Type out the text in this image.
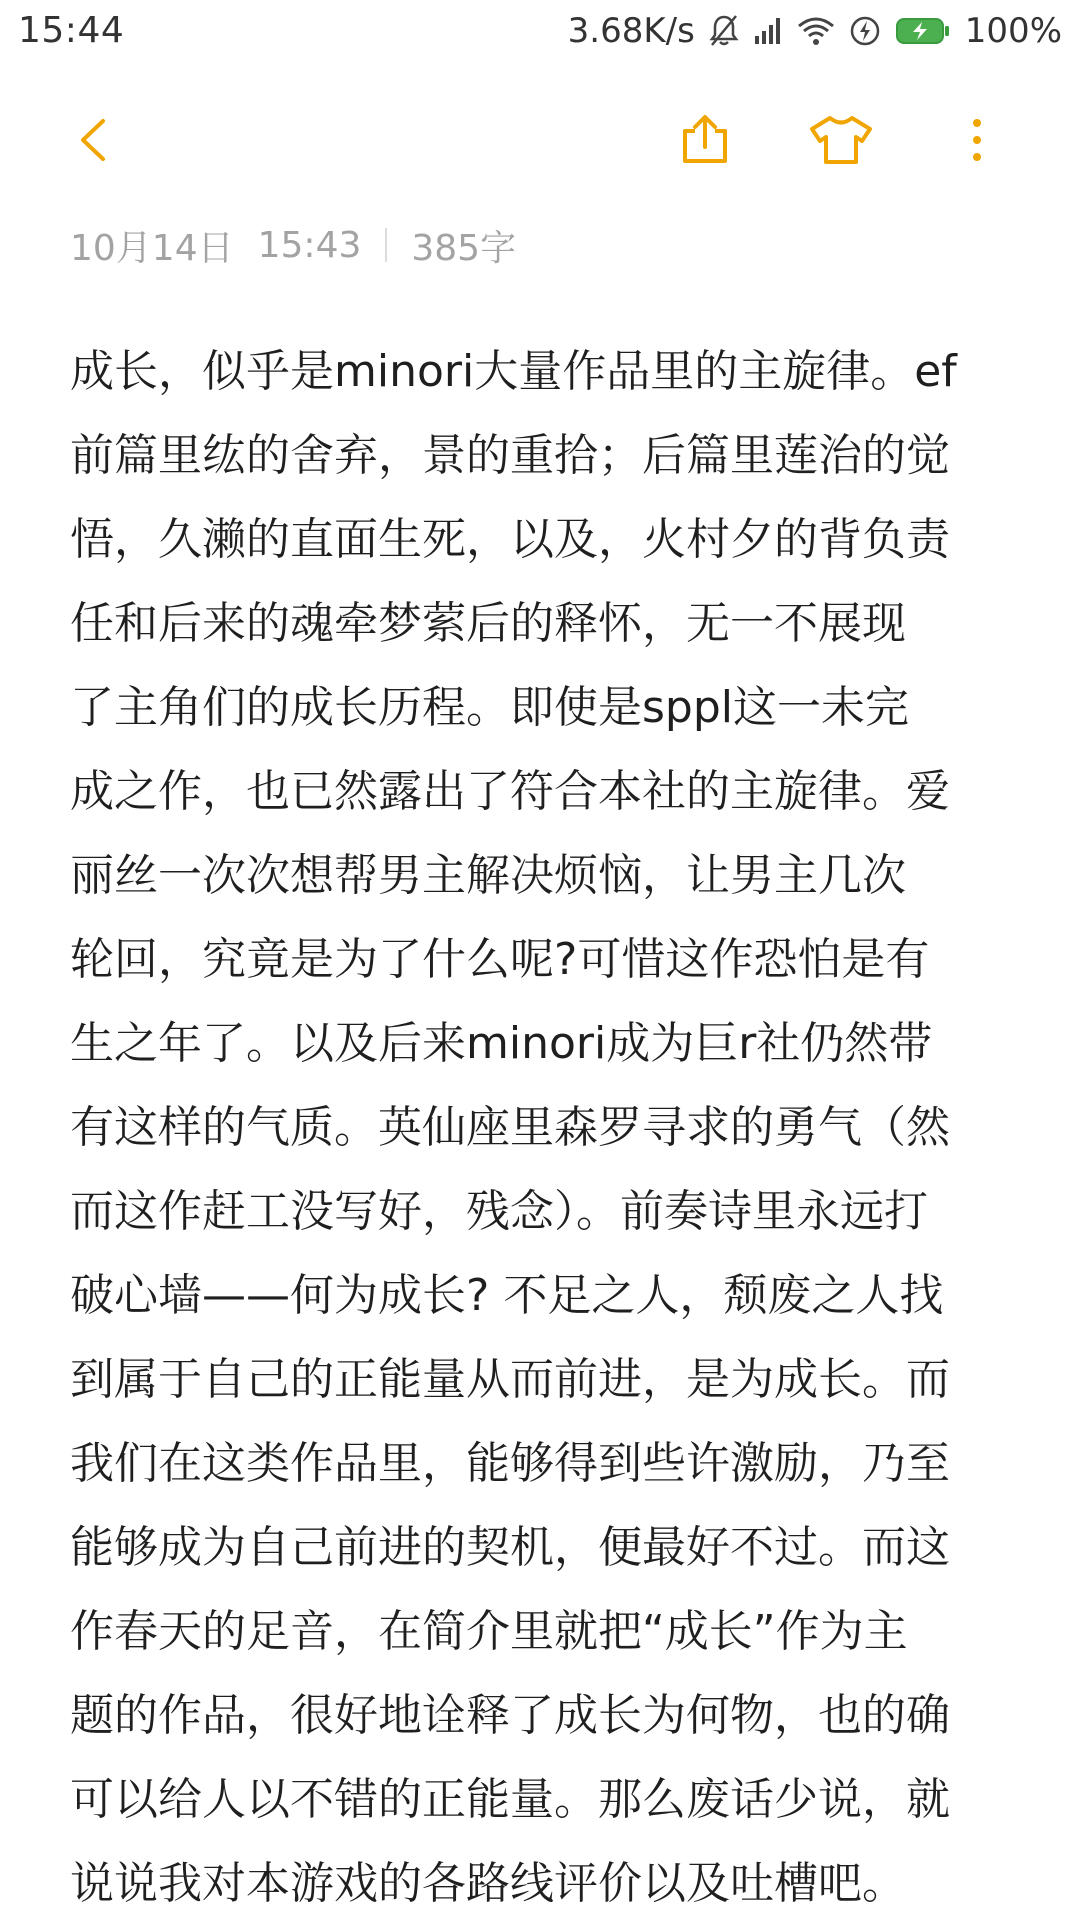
15:44	3.68K/s	100%
10月14日 15:43 385字
成长，似乎是minori大量作品里的主旋律。ef
前篇里纮的舍弃，景的重拾；后篇里莲治的觉
悟，久濑的直面生死，以及，火村夕的背负责
任和后来的魂牵梦萦后的释怀，无一不展现
了主角们的成长历程。即使是sppl这一未完
成之作，也已然露出了符合本社的主旋律。爱
丽丝一次次想帮男主解决烦恼，让男主几次
轮回，究竟是为了什么呢?可惜这作恐怕是有
生之年了。以及后来minori成为巨r社仍然带
有这样的气质。英仙座里森罗寻求的勇气（然
而这作赶工没写好，残念）。前奏诗里永远打
破心墙——何为成长? 不足之人，颓废之人找
到属于自己的正能量从而前进，是为成长。而
我们在这类作品里，能够得到些许激励，乃至
能够成为自己前进的契机，便最好不过。而这
作春天的足音，在简介里就把“成长”作为主
题的作品，很好地诠释了成长为何物，也的确
可以给人以不错的正能量。那么废话少说，就
说说我对本游戏的各路线评价以及吐槽吧。
